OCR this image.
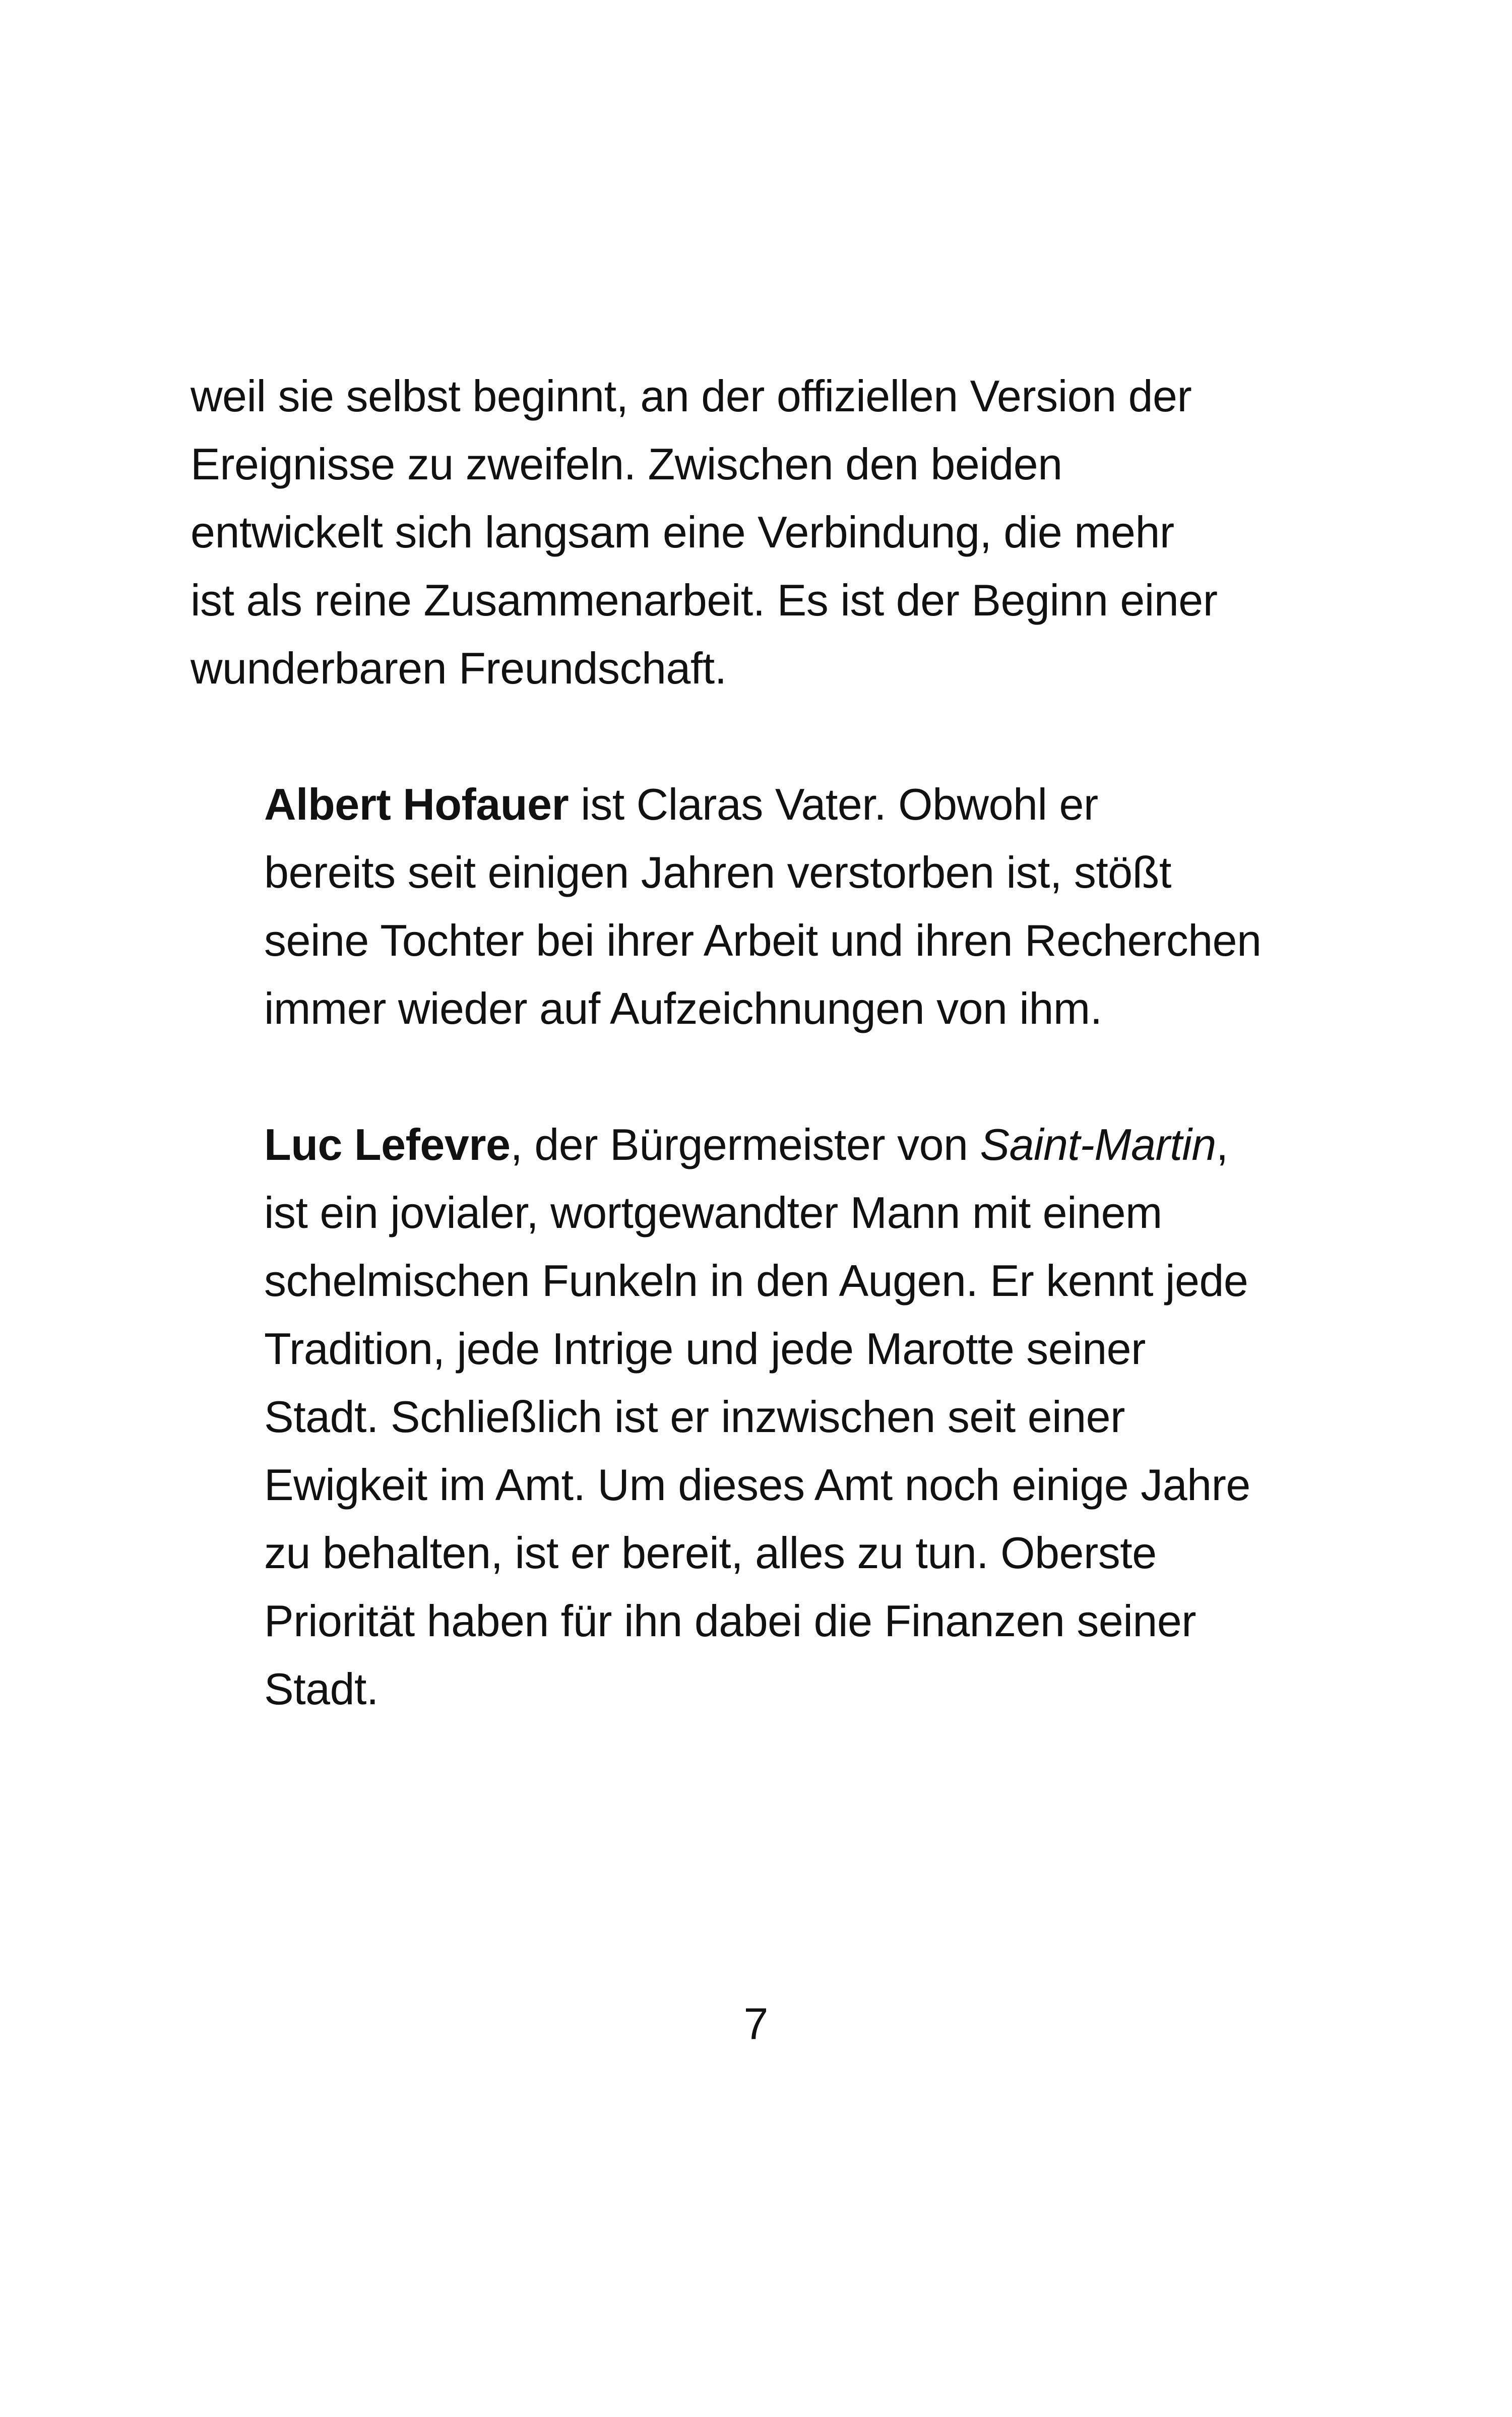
weil sie selbst beginnt, an der offiziellen Version der
Ereignisse zu zweifeln. Zwischen den beiden
entwickelt sich langsam eine Verbindung, die mehr
ist als reine Zusammenarbeit. Es ist der Beginn einer
wunderbaren Freundschaft.

Albert Hofauer ist Claras Vater. Obwohl er
bereits seit einigen Jahren verstorben ist, stößt
seine Tochter bei ihrer Arbeit und ihren Recherchen
immer wieder auf Aufzeichnungen von ihm.

Luc Lefevre, der Bürgermeister von Saint-Martin,
ist ein jovialer, wortgewandter Mann mit einem
schelmischen Funkeln in den Augen. Er kennt jede
Tradition, jede Intrige und jede Marotte seiner
Stadt. Schließlich ist er inzwischen seit einer
Ewigkeit im Amt. Um dieses Amt noch einige Jahre
zu behalten, ist er bereit, alles zu tun. Oberste
Priorität haben für ihn dabei die Finanzen seiner
Stadt.

7
